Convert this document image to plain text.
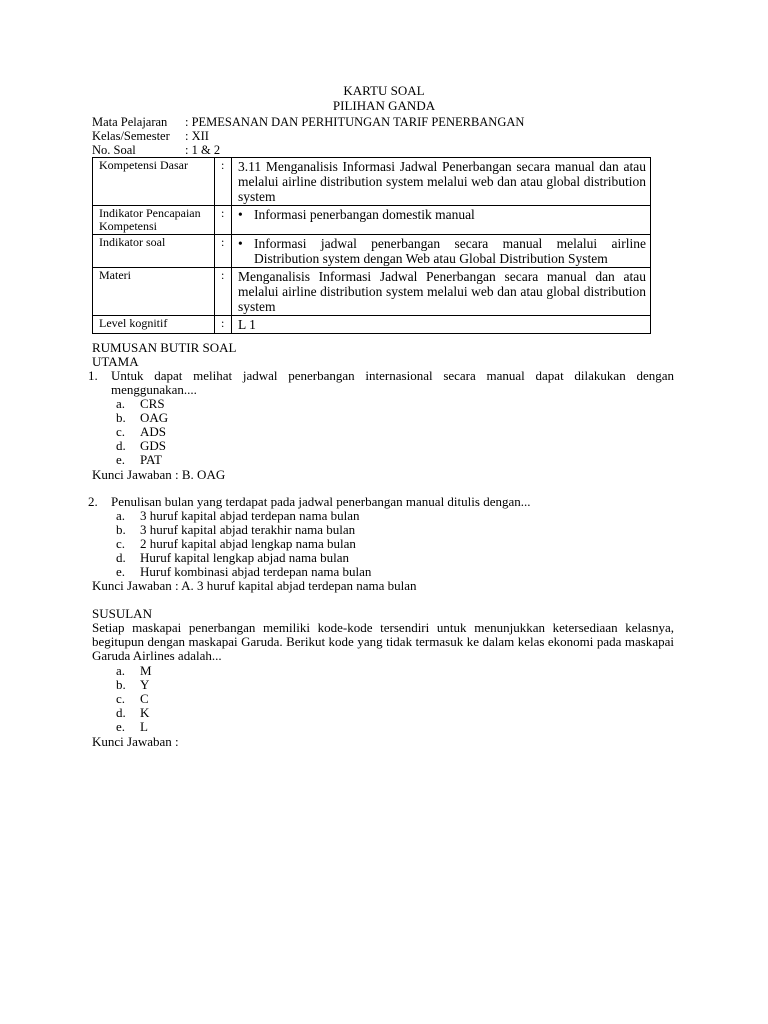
KARTU SOAL
PILIHAN GANDA
Mata Pelajaran : PEMESANAN DAN PERHITUNGAN TARIF PENERBANGAN
Kelas/Semester : XII
No. Soal	: 1 & 2
Kompetensi Dasar	:	3.11 Menganalisis Informasi Jadwal Penerbangan secara manual dan atau melalui airline distribution system melalui web dan atau global distribution system
Indikator Pencapaian Kompetensi	:	• Informasi penerbangan domestik manual
Indikator soal	:	• Informasi jadwal penerbangan secara manual melalui airline Distribution system dengan Web atau Global Distribution System
Materi	:	Menganalisis Informasi Jadwal Penerbangan secara manual dan atau melalui airline distribution system melalui web dan atau global distribution system
Level kognitif	:	L 1
RUMUSAN BUTIR SOAL
UTAMA
1. Untuk dapat melihat jadwal penerbangan internasional secara manual dapat dilakukan dengan menggunakan....
a. CRS
b. OAG
c. ADS
d. GDS
e. PAT
Kunci Jawaban : B. OAG
2. Penulisan bulan yang terdapat pada jadwal penerbangan manual ditulis dengan...
a. 3 huruf kapital abjad terdepan nama bulan
b. 3 huruf kapital abjad terakhir nama bulan
c. 2 huruf kapital abjad lengkap nama bulan
d. Huruf kapital lengkap abjad nama bulan
e. Huruf kombinasi abjad terdepan nama bulan
Kunci Jawaban : A. 3 huruf kapital abjad terdepan nama bulan
SUSULAN
Setiap maskapai penerbangan memiliki kode-kode tersendiri untuk menunjukkan ketersediaan kelasnya, begitupun dengan maskapai Garuda. Berikut kode yang tidak termasuk ke dalam kelas ekonomi pada maskapai Garuda Airlines adalah...
a. M
b. Y
c. C
d. K
e. L
Kunci Jawaban :
